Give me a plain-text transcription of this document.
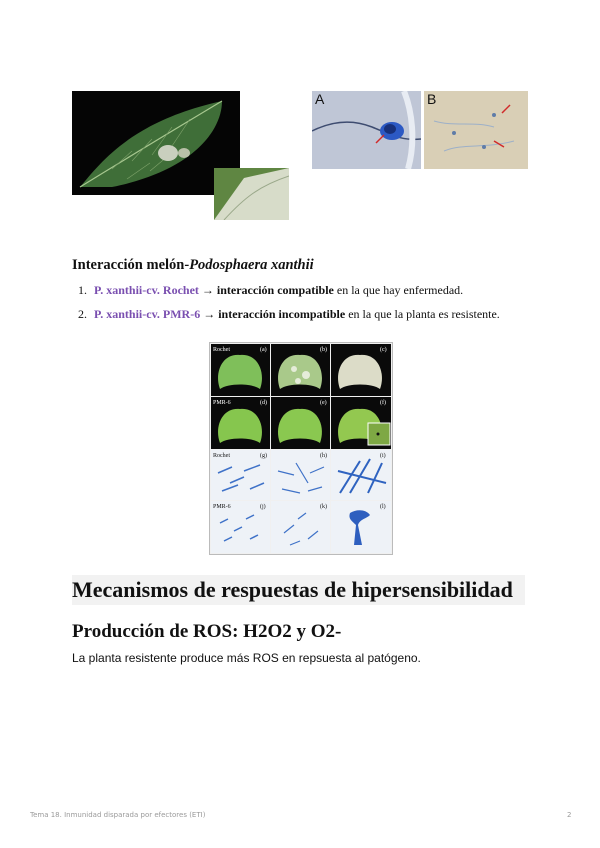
A	B
Interacción melón-Podosphaera xanthii
1. P. xanthii-cv. Rochet → interacción compatible en la que hay enfermedad.
2. P. xanthii-cv. PMR-6 → interacción incompatible en la que la planta es resistente.
Rochet
PMR-6
(a)	(b)	(c)
(d)	(e)	(f)
Rochet
PMR-6
(g)	(h)	(i)
(j)	(k)	(l)
Mecanismos de respuestas de hipersensibilidad
Producción de ROS: H2O2 y O2-
La planta resistente produce más ROS en repsuesta al patógeno.
Tema 18. Inmunidad disparada por efectores (ETI)	2
